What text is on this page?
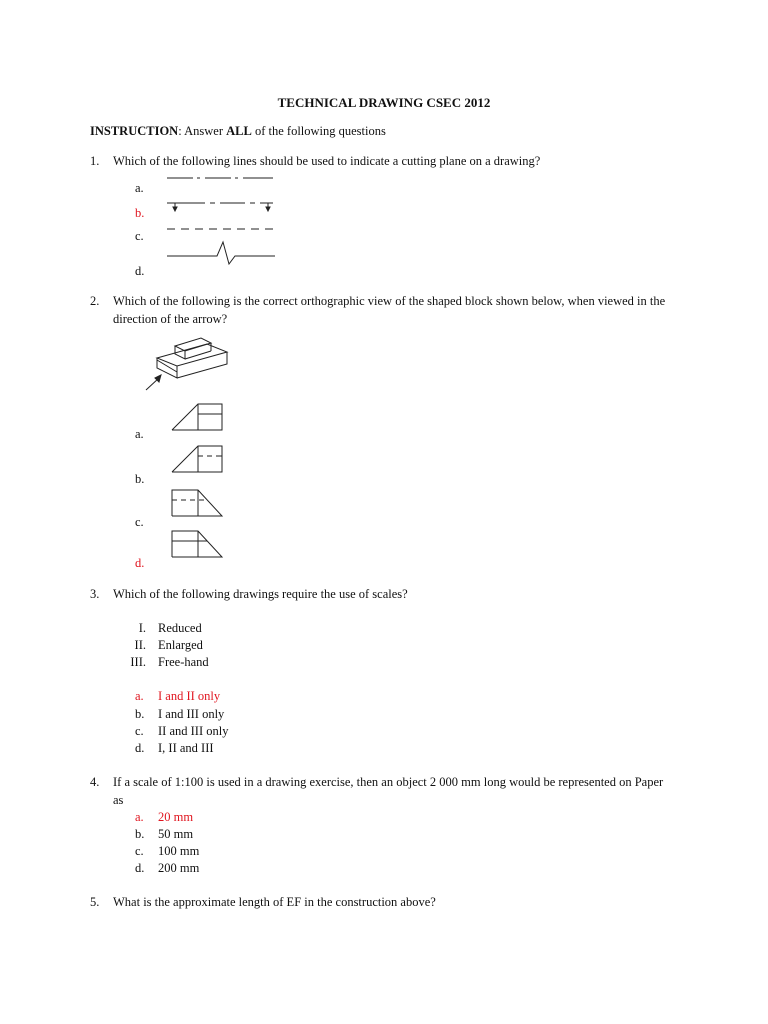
TECHNICAL DRAWING CSEC 2012
INSTRUCTION: Answer ALL of the following questions
1. Which of the following lines should be used to indicate a cutting plane on a drawing?
a.
b.
c.
d.
2. Which of the following is the correct orthographic view of the shaped block shown below, when viewed in the
direction of the arrow?
a.
b.
c.
d.
3. Which of the following drawings require the use of scales?
I. Reduced
II. Enlarged
III. Free-hand
a. I and II only
b. I and III only
c. II and III only
d. I, II and III
4. If a scale of 1:100 is used in a drawing exercise, then an object 2 000 mm long would be represented on Paper
as
a. 20 mm
b. 50 mm
c. 100 mm
d. 200 mm
5. What is the approximate length of EF in the construction above?
